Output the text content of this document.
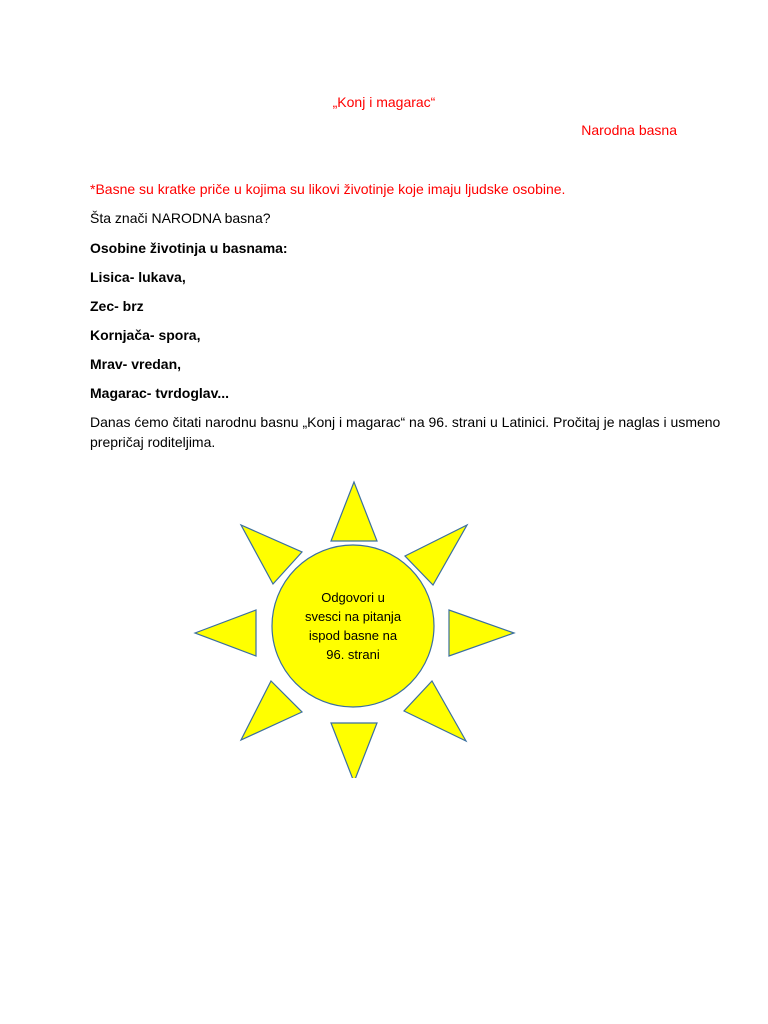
„Konj i magarac“
Narodna basna
*Basne su kratke priče u kojima su likovi životinje koje imaju ljudske osobine.
Šta znači NARODNA basna?
Osobine životinja u basnama:
Lisica- lukava,
Zec- brz
Kornjača- spora,
Mrav- vredan,
Magarac- tvrdoglav...
Danas ćemo čitati narodnu basnu „Konj i magarac“ na 96. strani u Latinici. Pročitaj je naglas i usmeno
prepričaj roditeljima.
Odgovori u
svesci na pitanja
ispod basne na
96. strani
